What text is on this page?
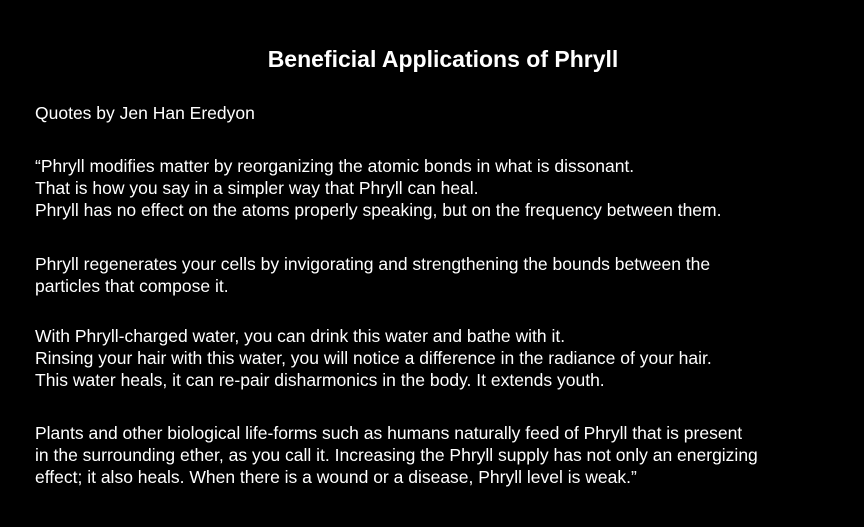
Beneficial Applications of Phryll
Quotes by Jen Han Eredyon
“Phryll modifies matter by reorganizing the atomic bonds in what is dissonant.
That is how you say in a simpler way that Phryll can heal.
Phryll has no effect on the atoms properly speaking, but on the frequency between them.
Phryll regenerates your cells by invigorating and strengthening the bounds between the
particles that compose it.
With Phryll-charged water, you can drink this water and bathe with it.
Rinsing your hair with this water, you will notice a difference in the radiance of your hair.
This water heals, it can re-pair disharmonics in the body. It extends youth.
Plants and other biological life-forms such as humans naturally feed of Phryll that is present
in the surrounding ether, as you call it. Increasing the Phryll supply has not only an energizing
effect; it also heals. When there is a wound or a disease, Phryll level is weak.”
